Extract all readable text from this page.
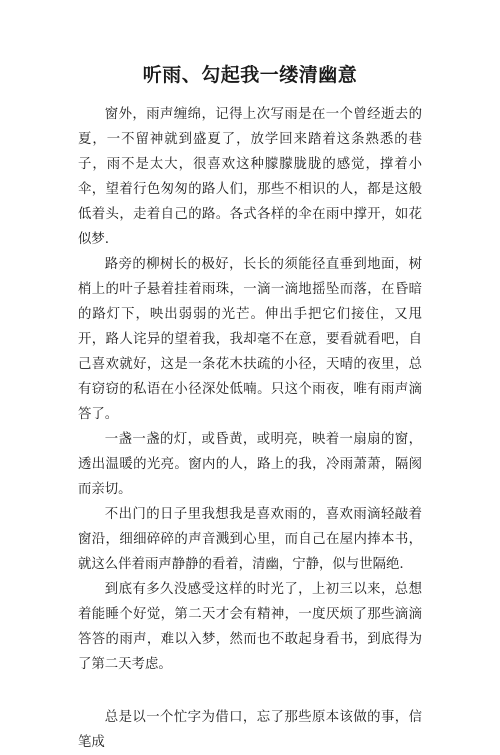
听雨、勾起我一缕清幽意

窗外，雨声缠绵，记得上次写雨是在一个曾经逝去的夏，一不留神就到盛夏了，放学回来踏着这条熟悉的巷子，雨不是太大，很喜欢这种朦朦胧胧的感觉，撑着小伞，望着行色匆匆的路人们，那些不相识的人，都是这般低着头，走着自己的路。各式各样的伞在雨中撑开，如花似梦.

路旁的柳树长的极好，长长的须能径直垂到地面，树梢上的叶子悬着挂着雨珠，一滴一滴地摇坠而落，在昏暗的路灯下，映出弱弱的光芒。伸出手把它们接住，又甩开，路人诧异的望着我，我却毫不在意，要看就看吧，自己喜欢就好，这是一条花木扶疏的小径，天晴的夜里，总有窃窃的私语在小径深处低喃。只这个雨夜，唯有雨声滴答了。

一盏一盏的灯，或昏黄，或明亮，映着一扇扇的窗，透出温暖的光亮。窗内的人，路上的我，冷雨萧萧，隔阂而亲切。

不出门的日子里我想我是喜欢雨的，喜欢雨滴轻敲着窗沿，细细碎碎的声音溅到心里，而自己在屋内捧本书，就这么伴着雨声静静的看着，清幽，宁静，似与世隔绝.

到底有多久没感受这样的时光了，上初三以来，总想着能睡个好觉，第二天才会有精神，一度厌烦了那些滴滴答答的雨声，难以入梦，然而也不敢起身看书，到底得为了第二天考虑。

总是以一个忙字为借口，忘了那些原本该做的事，信笔成
